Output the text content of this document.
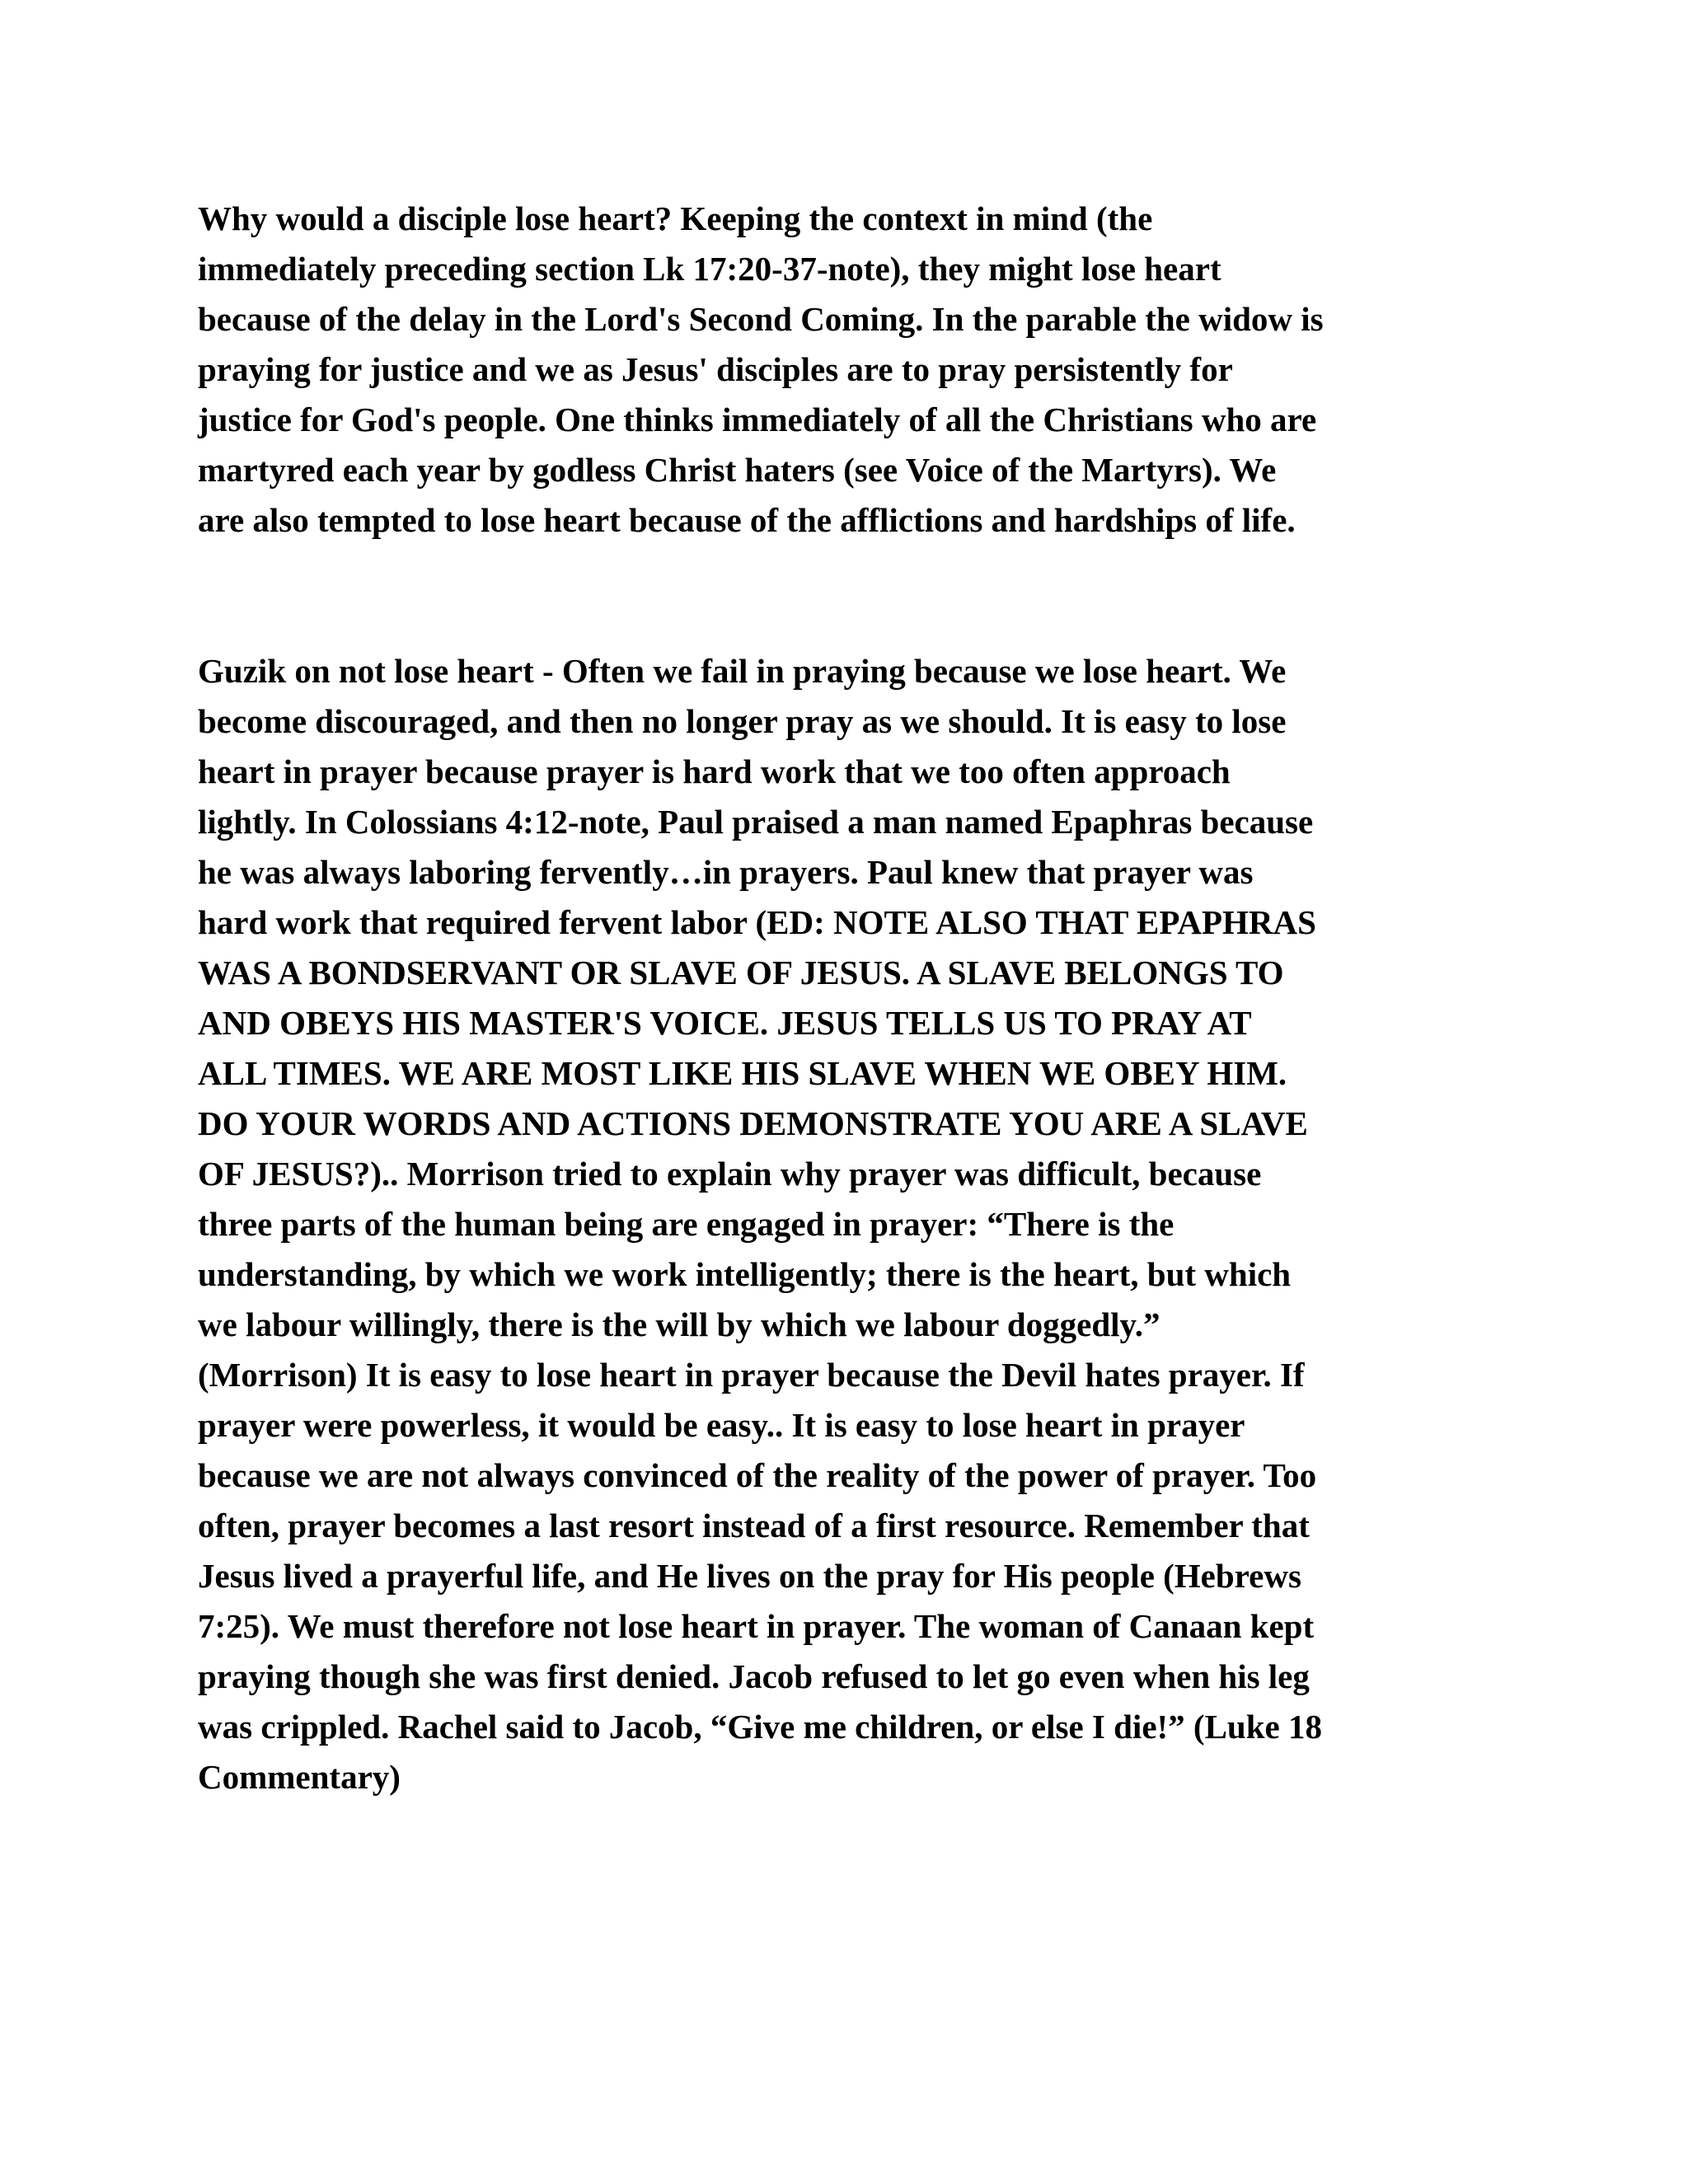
Why would a disciple lose heart? Keeping the context in mind (the
immediately preceding section Lk 17:20-37-note), they might lose heart
because of the delay in the Lord's Second Coming. In the parable the widow is
praying for justice and we as Jesus' disciples are to pray persistently for
justice for God's people. One thinks immediately of all the Christians who are
martyred each year by godless Christ haters (see Voice of the Martyrs). We
are also tempted to lose heart because of the afflictions and hardships of life.
Guzik on not lose heart - Often we fail in praying because we lose heart. We
become discouraged, and then no longer pray as we should. It is easy to lose
heart in prayer because prayer is hard work that we too often approach
lightly. In Colossians 4:12-note, Paul praised a man named Epaphras because
he was always laboring fervently…in prayers. Paul knew that prayer was
hard work that required fervent labor (ED: NOTE ALSO THAT EPAPHRAS
WAS A BONDSERVANT OR SLAVE OF JESUS. A SLAVE BELONGS TO
AND OBEYS HIS MASTER'S VOICE. JESUS TELLS US TO PRAY AT
ALL TIMES. WE ARE MOST LIKE HIS SLAVE WHEN WE OBEY HIM.
DO YOUR WORDS AND ACTIONS DEMONSTRATE YOU ARE A SLAVE
OF JESUS?).. Morrison tried to explain why prayer was difficult, because
three parts of the human being are engaged in prayer: “There is the
understanding, by which we work intelligently; there is the heart, but which
we labour willingly, there is the will by which we labour doggedly.”
(Morrison) It is easy to lose heart in prayer because the Devil hates prayer. If
prayer were powerless, it would be easy.. It is easy to lose heart in prayer
because we are not always convinced of the reality of the power of prayer. Too
often, prayer becomes a last resort instead of a first resource. Remember that
Jesus lived a prayerful life, and He lives on the pray for His people (Hebrews
7:25). We must therefore not lose heart in prayer. The woman of Canaan kept
praying though she was first denied. Jacob refused to let go even when his leg
was crippled. Rachel said to Jacob, “Give me children, or else I die!” (Luke 18
Commentary)
